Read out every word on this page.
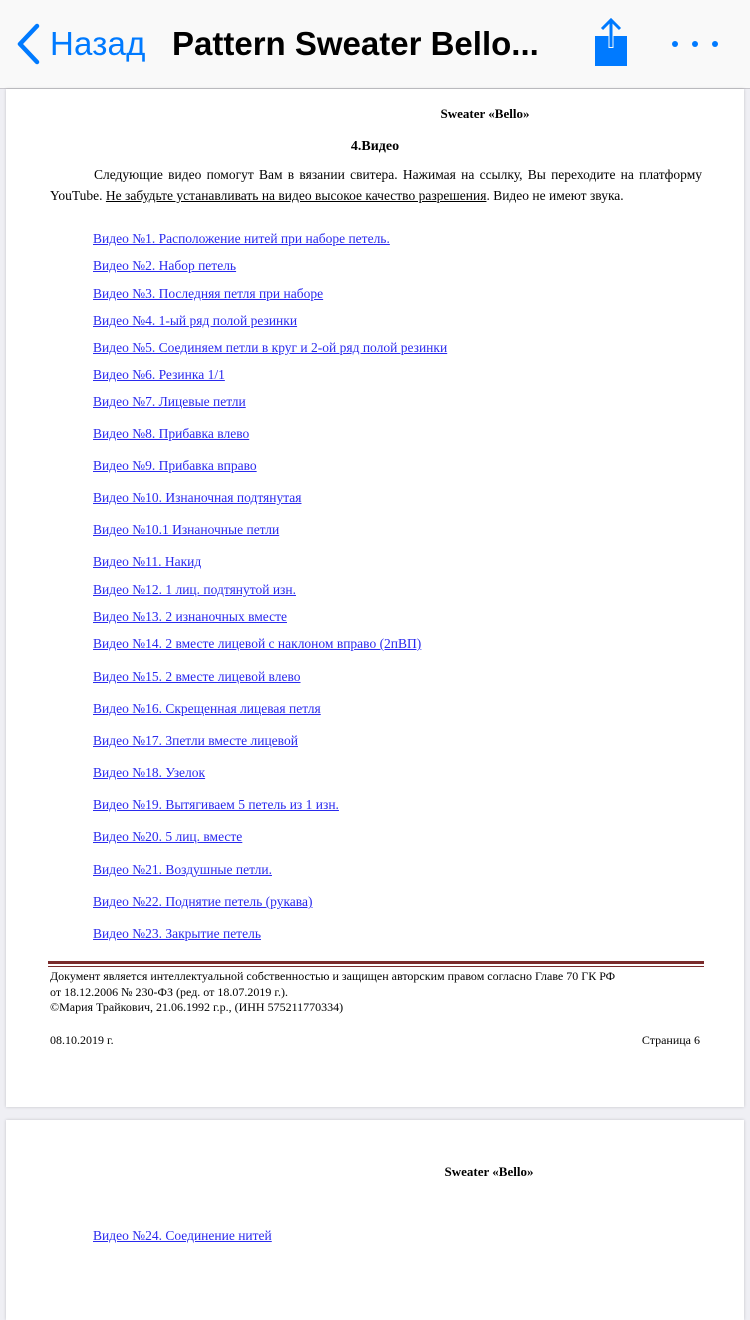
Назад Pattern Sweater Bello...
Sweater «Bello»
4.Видео
Следующие видео помогут Вам в вязании свитера. Нажимая на ссылку, Вы переходите на платформу YouTube. Не забудьте устанавливать на видео высокое качество разрешения. Видео не имеют звука.
Видео №1. Расположение нитей при наборе петель.
Видео №2. Набор петель
Видео №3. Последняя петля при наборе
Видео №4. 1-ый ряд полой резинки
Видео №5. Соединяем петли в круг и 2-ой ряд полой резинки
Видео №6. Резинка 1/1
Видео №7. Лицевые петли
Видео №8. Прибавка влево
Видео №9. Прибавка вправо
Видео №10. Изнаночная подтянутая
Видео №10.1 Изнаночные петли
Видео №11. Накид
Видео №12. 1 лиц. подтянутой изн.
Видео №13. 2 изнаночных вместе
Видео №14. 2 вместе лицевой с наклоном вправо (2пВП)
Видео №15. 2 вместе лицевой влево
Видео №16. Скрещенная лицевая петля
Видео №17. 3петли вместе лицевой
Видео №18. Узелок
Видео №19. Вытягиваем 5 петель из 1 изн.
Видео №20. 5 лиц. вместе
Видео №21. Воздушные петли.
Видео №22. Поднятие петель (рукава)
Видео №23. Закрытие петель
Документ является интеллектуальной собственностью и защищен авторским правом согласно Главе 70 ГК РФ
от 18.12.2006 № 230-ФЗ (ред. от 18.07.2019 г.).
©Мария Трайкович, 21.06.1992 г.р., (ИНН 575211770334)
08.10.2019 г.	Страница 6
Sweater «Bello»
Видео №24. Соединение нитей
